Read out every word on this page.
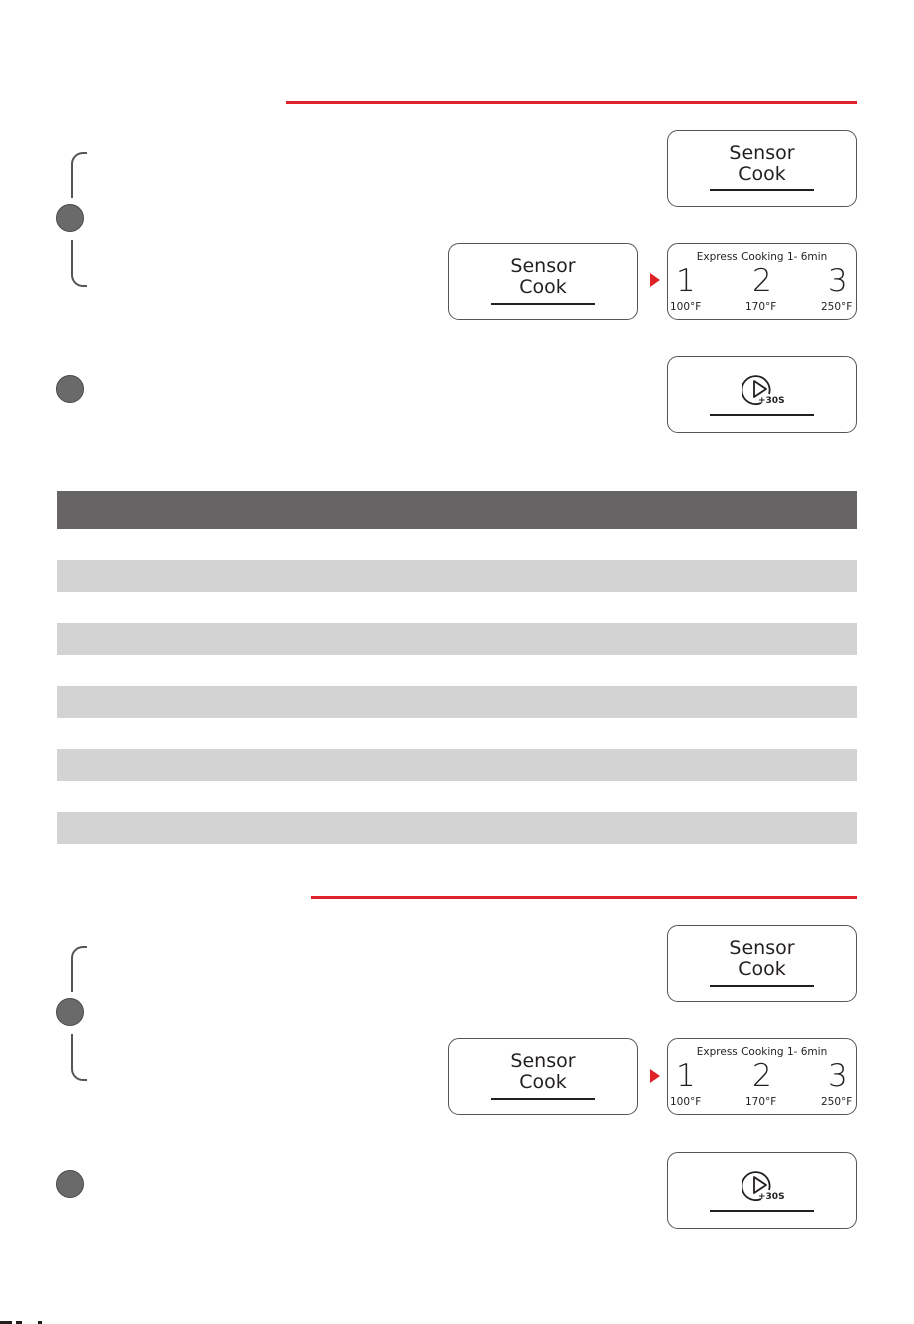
Sensor
Cook
Sensor
Cook
Express Cooking 1- 6min
1 2 3
100°F	170°F	250°F
+30S
Sensor
Cook
Sensor
Cook
Express Cooking 1- 6min
1 2 3
100°F	170°F	250°F
+30S
